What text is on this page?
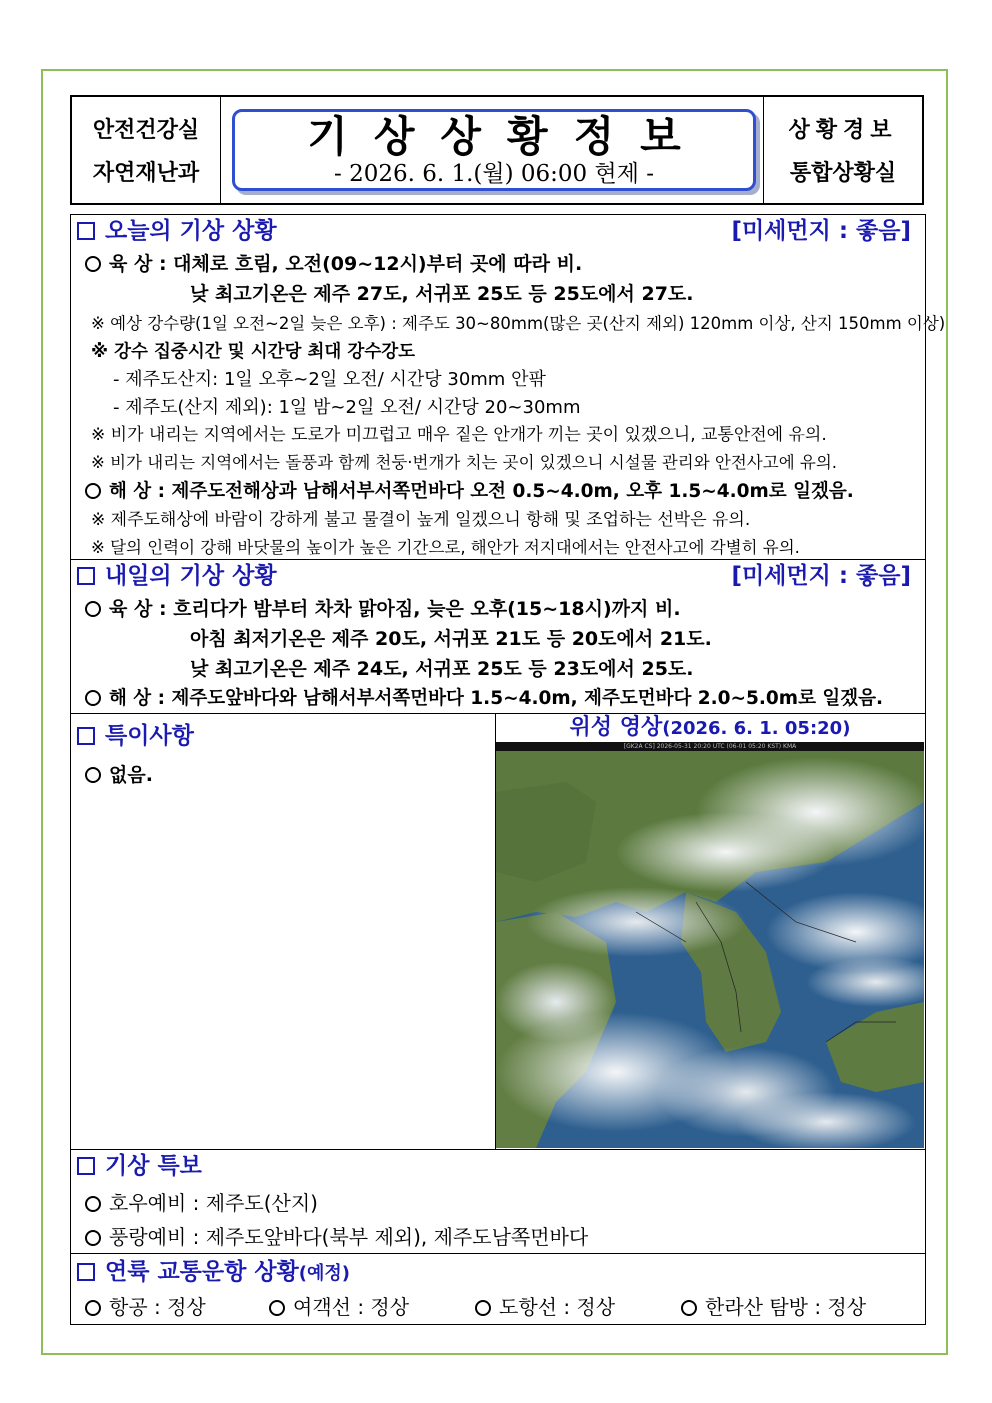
안전건강실
자연재난과
기상상황정보
- 2026. 6. 1.(월) 06:00 현제 -
상황경보
통합상황실
오늘의 기상 상황	[미세먼지 : 좋음]
육 상 : 대체로 흐림, 오전(09~12시)부터 곳에 따라 비.
낮 최고기온은 제주 27도, 서귀포 25도 등 25도에서 27도.
※ 예상 강수량(1일 오전~2일 늦은 오후) : 제주도 30~80mm(많은 곳(산지 제외) 120mm 이상, 산지 150mm 이상)
※ 강수 집중시간 및 시간당 최대 강수강도
- 제주도산지: 1일 오후~2일 오전/ 시간당 30mm 안팎
- 제주도(산지 제외): 1일 밤~2일 오전/ 시간당 20~30mm
※ 비가 내리는 지역에서는 도로가 미끄럽고 매우 짙은 안개가 끼는 곳이 있겠으니, 교통안전에 유의.
※ 비가 내리는 지역에서는 돌풍과 함께 천둥·번개가 치는 곳이 있겠으니 시설물 관리와 안전사고에 유의.
해 상 : 제주도전해상과 남해서부서쪽먼바다 오전 0.5~4.0m, 오후 1.5~4.0m로 일겠음.
※ 제주도해상에 바람이 강하게 불고 물결이 높게 일겠으니 항해 및 조업하는 선박은 유의.
※ 달의 인력이 강해 바닷물의 높이가 높은 기간으로, 해안가 저지대에서는 안전사고에 각별히 유의.
내일의 기상 상황	[미세먼지 : 좋음]
육 상 : 흐리다가 밤부터 차차 맑아짐, 늦은 오후(15~18시)까지 비.
아침 최저기온은 제주 20도, 서귀포 21도 등 20도에서 21도.
낮 최고기온은 제주 24도, 서귀포 25도 등 23도에서 25도.
해 상 : 제주도앞바다와 남해서부서쪽먼바다 1.5~4.0m, 제주도먼바다 2.0~5.0m로 일겠음.
특이사항
없음.
위성 영상(2026. 6. 1. 05:20)
[GK2A CS] 2026-05-31 20:20 UTC (06-01 05:20 KST) KMA
기상 특보
호우예비 : 제주도(산지)
풍랑예비 : 제주도앞바다(북부 제외), 제주도남쪽먼바다
연륙 교통운항 상황(예정)
항공 : 정상	여객선 : 정상	도항선 : 정상	한라산 탐방 : 정상
